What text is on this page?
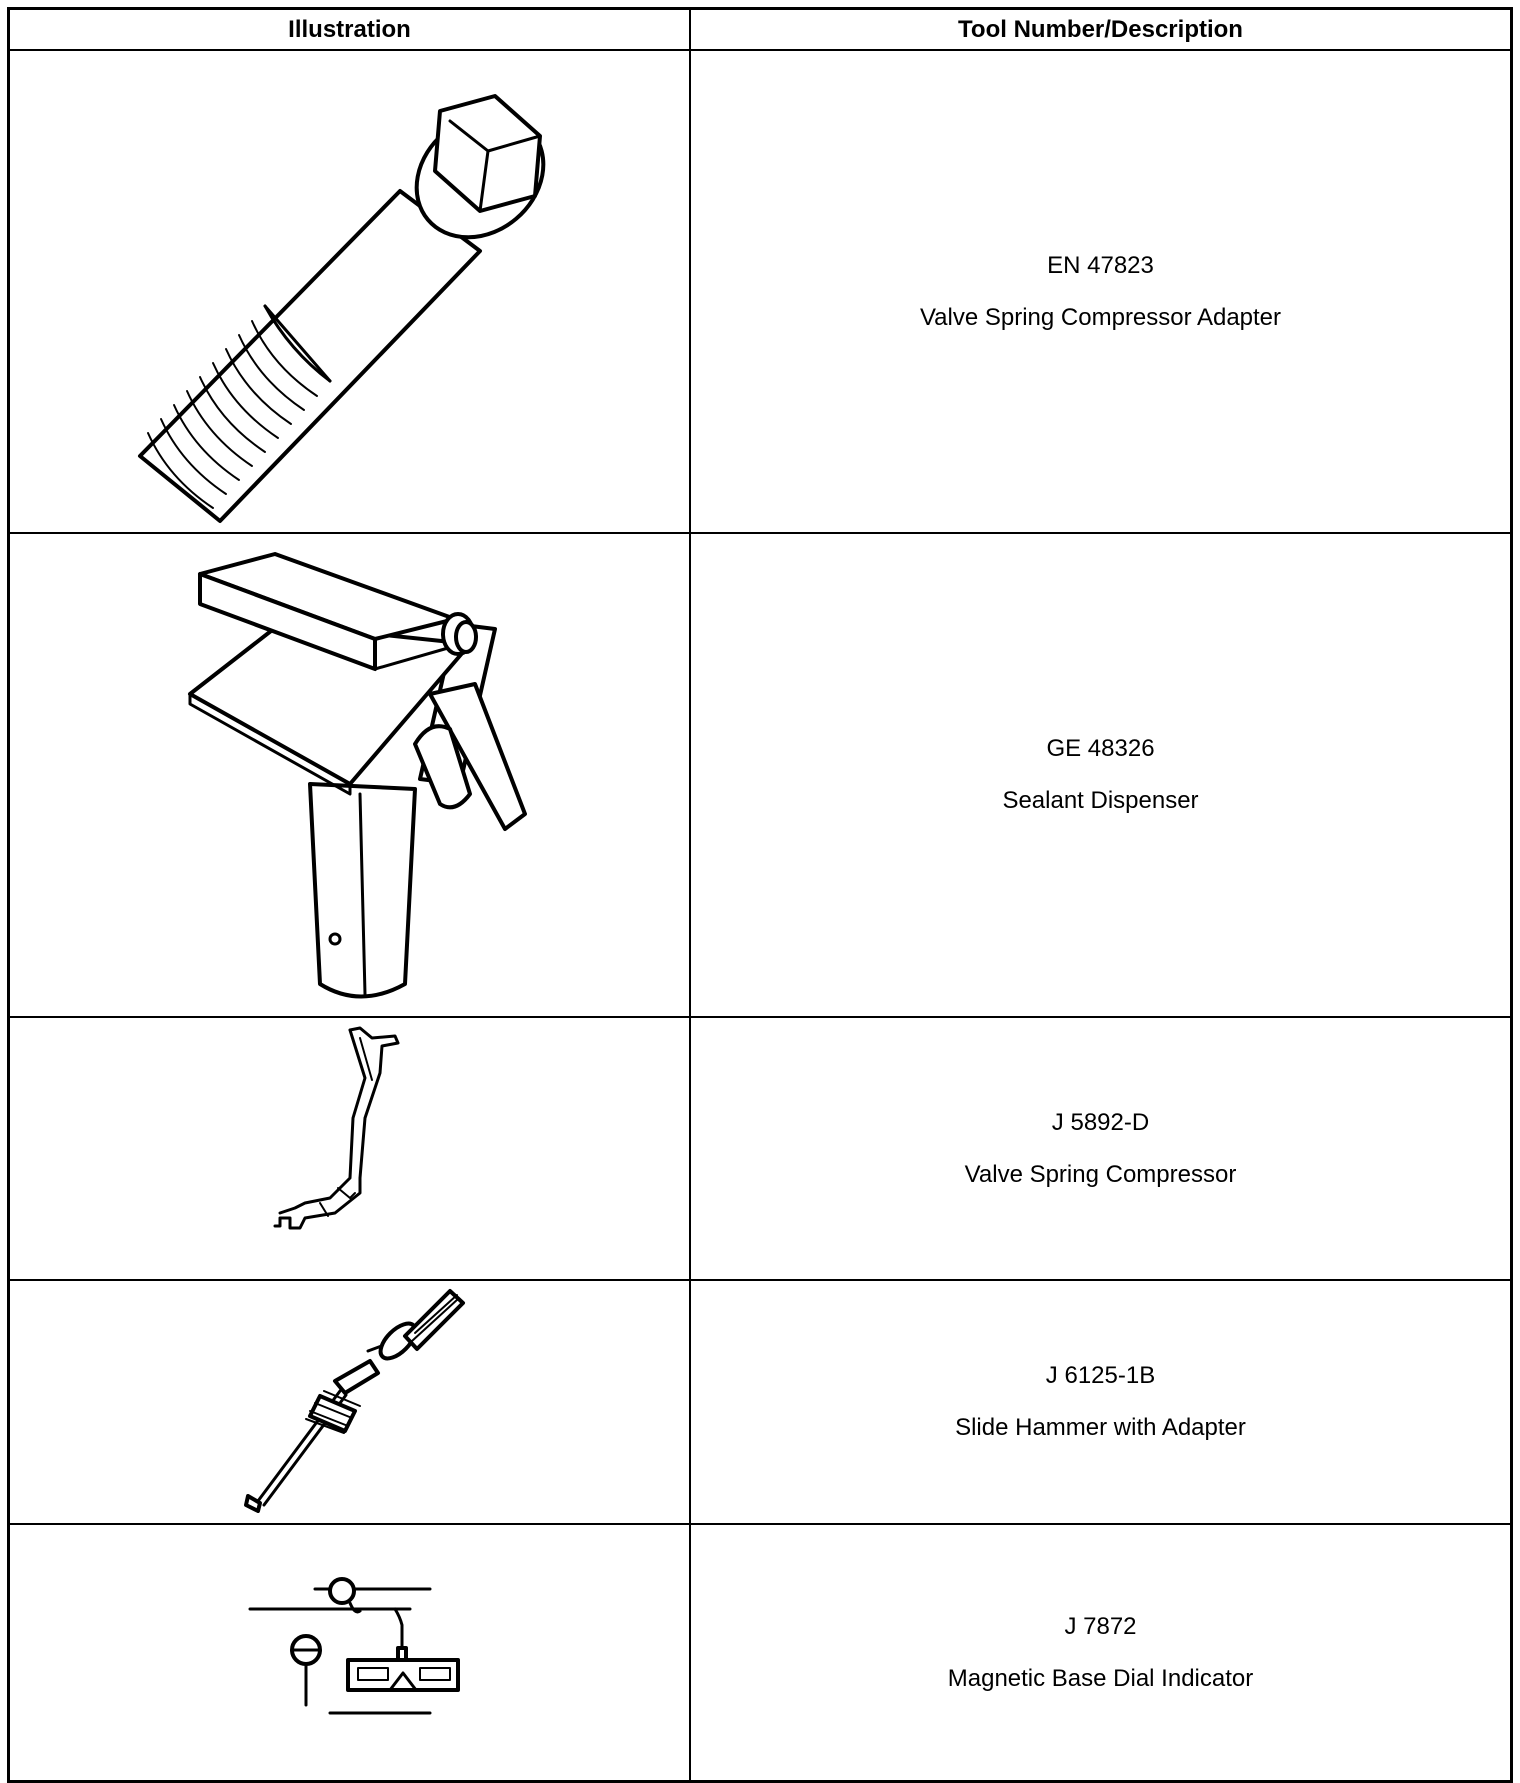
Illustration	Tool Number/Description
EN 47823
Valve Spring Compressor Adapter
GE 48326
Sealant Dispenser
J 5892-D
Valve Spring Compressor
J 6125-1B
Slide Hammer with Adapter
J 7872
Magnetic Base Dial Indicator
